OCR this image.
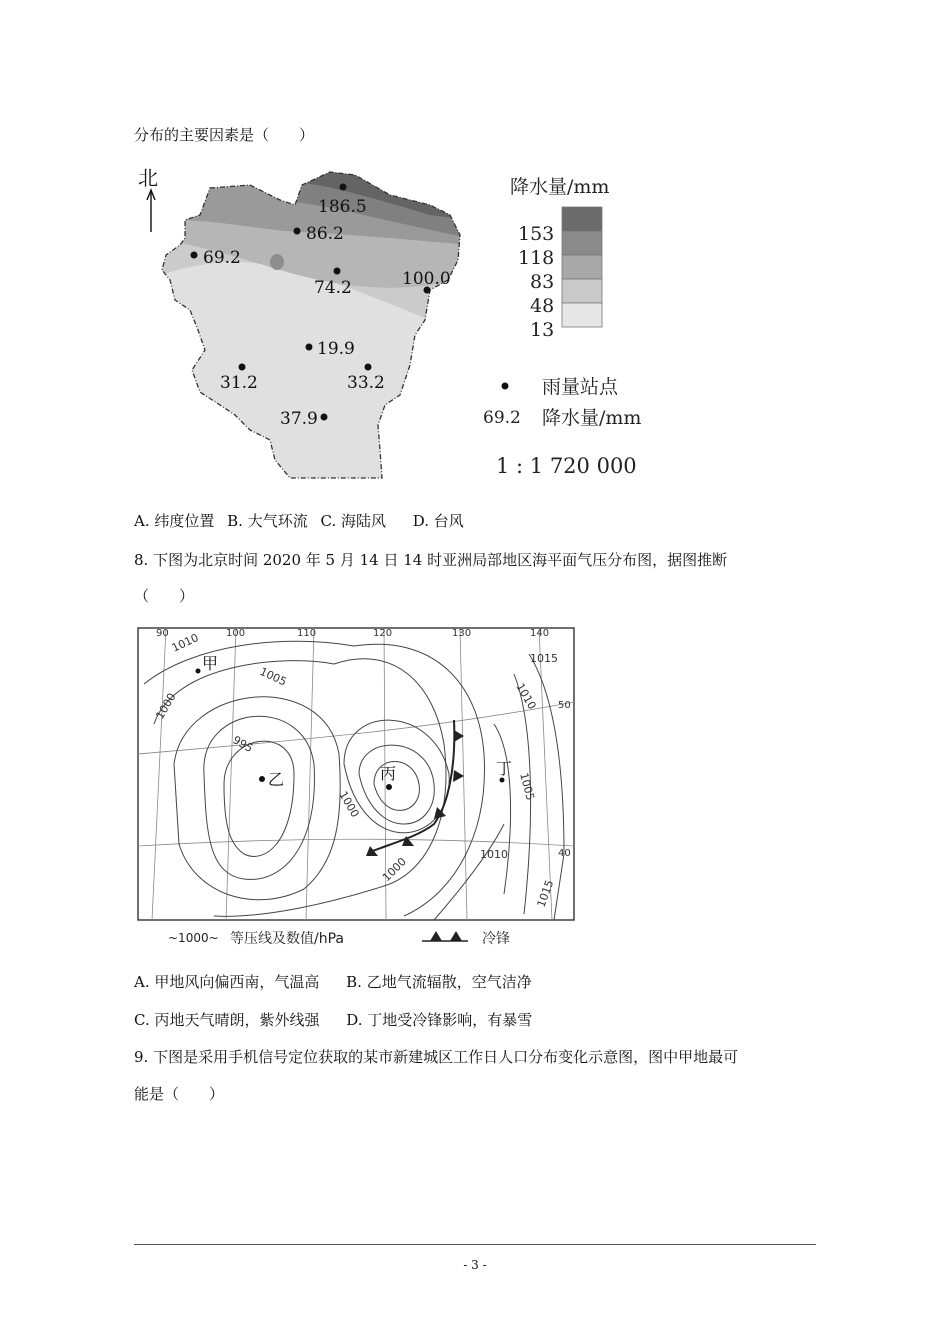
分布的主要因素是（　　）
北
186.5
86.2
69.2
74.2	100.0
19.9
31.2	33.2
37.9
降水量/mm
153
118
83
48
13
雨量站点
69.2 降水量/mm
1 : 1 720 000
A. 纬度位置 B. 大气环流 C. 海陆风 D. 台风
8. 下图为北京时间 2020 年 5 月 14 日 14 时亚洲局部地区海平面气压分布图，据图推断
（　　）
90	100	110	120	130	140
50
40
1010
1005
1000
995
1000
1000
1015
1010
1005
1010
1015
甲
乙	丙	丁
~1000~ 等压线及数值/hPa	冷锋
A. 甲地风向偏西南，气温高 B. 乙地气流辐散，空气洁净
C. 丙地天气晴朗，紫外线强 D. 丁地受冷锋影响，有暴雪
9. 下图是采用手机信号定位获取的某市新建城区工作日人口分布变化示意图，图中甲地最可
能是（　　）
- 3 -
